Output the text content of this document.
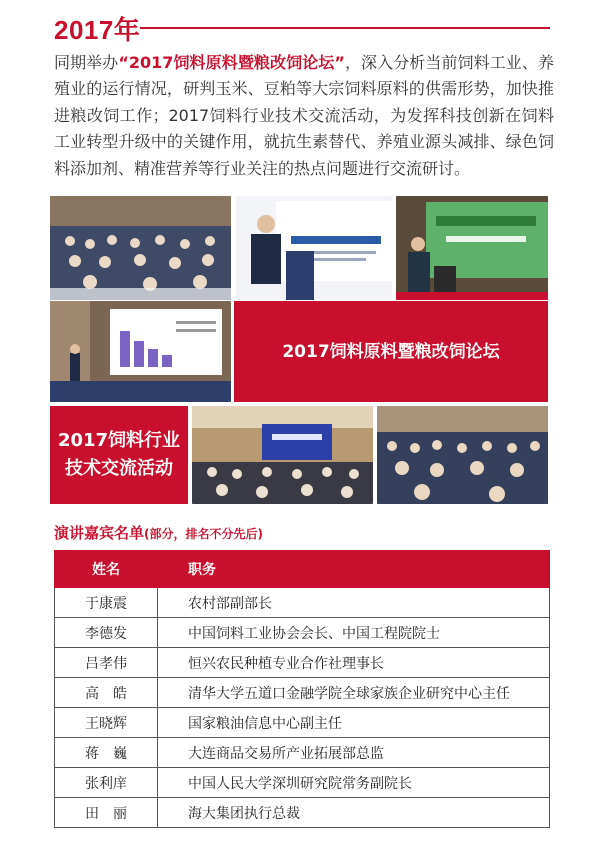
2017年
同期举办“2017饲料原料暨粮改饲论坛”，深入分析当前饲料工业、养殖业的运行情况，研判玉米、豆粕等大宗饲料原料的供需形势，加快推进粮改饲工作；2017饲料行业技术交流活动，为发挥科技创新在饲料工业转型升级中的关键作用，就抗生素替代、养殖业源头减排、绿色饲料添加剂、精准营养等行业关注的热点问题进行交流研讨。
2017饲料原料暨粮改饲论坛
2017饲料行业
技术交流活动
演讲嘉宾名单(部分，排名不分先后)
姓名	职务
于康震	农村部副部长
李德发	中国饲料工业协会会长、中国工程院院士
吕孝伟	恒兴农民种植专业合作社理事长
高　皓	清华大学五道口金融学院全球家族企业研究中心主任
王晓辉	国家粮油信息中心副主任
蒋　巍	大连商品交易所产业拓展部总监
张利庠	中国人民大学深圳研究院常务副院长
田　丽	海大集团执行总裁
